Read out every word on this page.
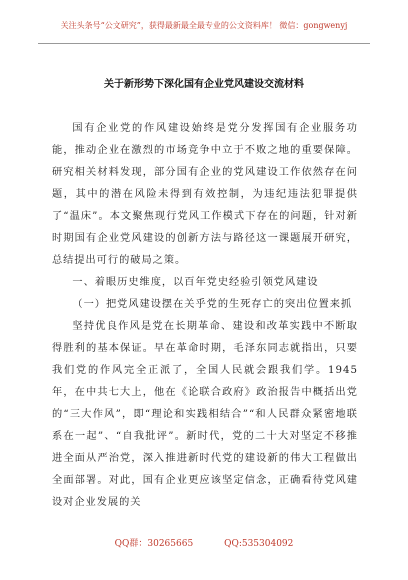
关注头条号“公文研究”，获得最新最全最专业的公文资料库！ 微信：gongwenyj
关于新形势下深化国有企业党风建设交流材料

国有企业党的作风建设始终是党分发挥国有企业服务功能，推动企业在激烈的市场竞争中立于不败之地的重要保障。研究相关材料发现，部分国有企业的党风建设工作依然存在问题，其中的潜在风险未得到有效控制，为违纪违法犯罪提供了“温床”。本文聚焦现行党风工作模式下存在的问题，针对新时期国有企业党风建设的创新方法与路径这一课题展开研究，总结提出可行的破局之策。

一、着眼历史维度，以百年党史经验引领党风建设

（一）把党风建设摆在关乎党的生死存亡的突出位置来抓

坚持优良作风是党在长期革命、建设和改革实践中不断取得胜利的基本保证。早在革命时期，毛泽东同志就指出，只要我们党的作风完全正派了，全国人民就会跟我们学。1945年，在中共七大上，他在《论联合政府》政治报告中概括出党的“三大作风”，即“理论和实践相结合”“和人民群众紧密地联系在一起”、“自我批评”。新时代，党的二十大对坚定不移推进全面从严治党，深入推进新时代党的建设新的伟大工程做出全面部署。对此，国有企业更应该坚定信念，正确看待党风建设对企业发展的关

QQ群：30265665	QQ:535304092
